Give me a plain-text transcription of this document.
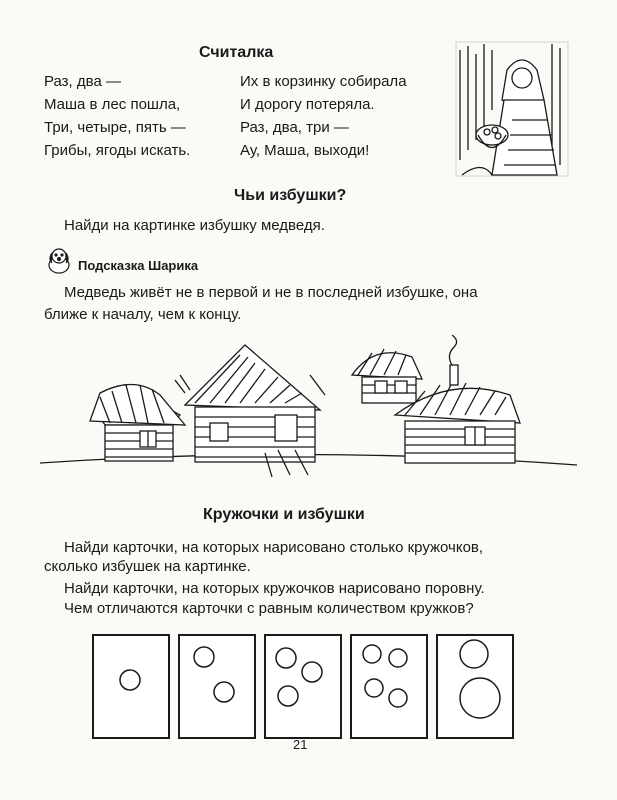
Считалка
Раз, два —
Маша в лес пошла,
Три, четыре, пять —
Грибы, ягоды искать.
Их в корзинку собирала
И дорогу потеряла.
Раз, два, три —
Ау, Маша, выходи!
Чьи избушки?
Найди на картинке избушку медведя.
Подсказка Шарика
Медведь живёт не в первой и не в последней избушке, она
ближе к началу, чем к концу.
Кружочки и избушки
Найди карточки, на которых нарисовано столько кружочков,
сколько избушек на картинке.
Найди карточки, на которых кружочков нарисовано поровну.
Чем отличаются карточки с равным количеством кружков?
21
